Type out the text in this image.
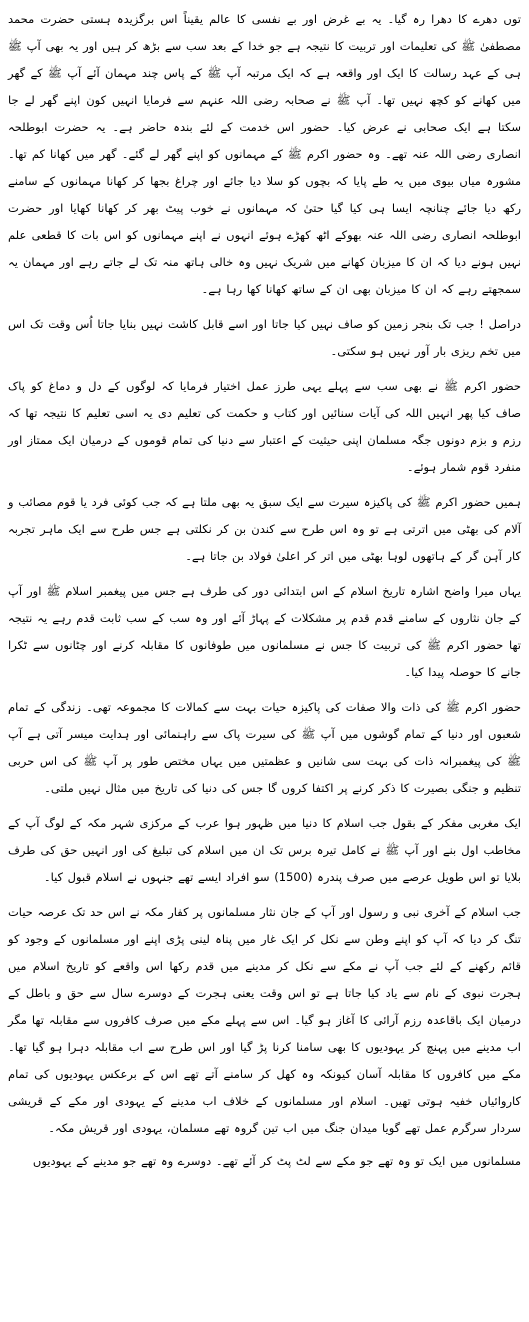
توں دھرے کا دھرا رہ گیا۔ یہ بے غرض اور بے نفسی کا عالم یقیناً اس برگزیدہ ہستی حضرت محمد مصطفیٰ ﷺ کی تعلیمات اور تربیت کا نتیجہ ہے جو خدا کے بعد سب سے بڑھ کر ہیں اور یہ بھی آپ ﷺ ہی کے عہد رسالت کا ایک اور واقعہ ہے کہ ایک مرتبہ آپ ﷺ کے پاس چند مہمان آئے آپ ﷺ کے گھر میں کھانے کو کچھ نہیں تھا۔ آپ ﷺ نے صحابہ رضی اللہ عنہم سے فرمایا انہیں کون اپنے گھر لے جا سکتا ہے ایک صحابی نے عرض کیا۔ حضور اس خدمت کے لئے بندہ حاضر ہے۔ یہ حضرت ابوطلحہ انصاری رضی اللہ عنہ تھے۔ وہ حضور اکرم ﷺ کے مہمانوں کو اپنے گھر لے گئے۔ گھر میں کھانا کم تھا۔ مشورہ میاں بیوی میں یہ طے پایا کہ بچوں کو سلا دیا جائے اور چراغ بجھا کر کھانا مہمانوں کے سامنے رکھ دیا جائے چنانچہ ایسا ہی کیا گیا حتیٰ کہ مہمانوں نے خوب پیٹ بھر کر کھانا کھایا اور حضرت ابوطلحہ انصاری رضی اللہ عنہ بھوکے اٹھ کھڑے ہوئے انہوں نے اپنے مہمانوں کو اس بات کا قطعی علم نہیں ہونے دیا کہ ان کا میزبان کھانے میں شریک نہیں وہ خالی ہاتھ منہ تک لے جاتے رہے اور مہمان یہ سمجھتے رہے کہ ان کا میزبان بھی ان کے ساتھ کھانا کھا رہا ہے۔

دراصل ! جب تک بنجر زمین کو صاف نہیں کیا جاتا اور اسے قابل کاشت نہیں بنایا جاتا اُس وقت تک اس میں تخم ریزی بار آور نہیں ہو سکتی۔

حضور اکرم ﷺ نے بھی سب سے پہلے یہی طرز عمل اختیار فرمایا کہ لوگوں کے دل و دماغ کو پاک صاف کیا پھر انہیں اللہ کی آیات سنائیں اور کتاب و حکمت کی تعلیم دی یہ اسی تعلیم کا نتیجہ تھا کہ رزم و بزم دونوں جگہ مسلمان اپنی حیثیت کے اعتبار سے دنیا کی تمام قوموں کے درمیان ایک ممتاز اور منفرد قوم شمار ہوئے۔

ہمیں حضور اکرم ﷺ کی پاکیزہ سیرت سے ایک سبق یہ بھی ملتا ہے کہ جب کوئی فرد یا قوم مصائب و آلام کی بھٹی میں اترتی ہے تو وہ اس طرح سے کندن بن کر نکلتی ہے جس طرح سے ایک ماہر تجربہ کار آہن گر کے ہاتھوں لوہا بھٹی میں اتر کر اعلیٰ فولاد بن جاتا ہے۔

یہاں میرا واضح اشارہ تاریخ اسلام کے اس ابتدائی دور کی طرف ہے جس میں پیغمبر اسلام ﷺ اور آپ کے جان نثاروں کے سامنے قدم قدم پر مشکلات کے پہاڑ آئے اور وہ سب کے سب ثابت قدم رہے یہ نتیجہ تھا حضور اکرم ﷺ کی تربیت کا جس نے مسلمانوں میں طوفانوں کا مقابلہ کرنے اور چٹانوں سے ٹکرا جانے کا حوصلہ پیدا کیا۔

حضور اکرم ﷺ کی ذات والا صفات کی پاکیزہ حیات بہت سے کمالات کا مجموعہ تھی۔ زندگی کے تمام شعبوں اور دنیا کے تمام گوشوں میں آپ ﷺ کی سیرت پاک سے راہنمائی اور ہدایت میسر آتی ہے آپ ﷺ کی پیغمبرانہ ذات کی بہت سی شانیں و عظمتیں میں یہاں مختص طور پر آپ ﷺ کی اس حربی تنظیم و جنگی بصیرت کا ذکر کرنے پر اکتفا کروں گا جس کی دنیا کی تاریخ میں مثال نہیں ملتی۔

ایک مغربی مفکر کے بقول جب اسلام کا دنیا میں ظہور ہوا عرب کے مرکزی شہر مکہ کے لوگ آپ کے مخاطب اول بنے اور آپ ﷺ نے کامل تیرہ برس تک ان میں اسلام کی تبلیغ کی اور انہیں حق کی طرف بلایا تو اس طویل عرصے میں صرف پندرہ (1500) سو افراد ایسے تھے جنہوں نے اسلام قبول کیا۔

جب اسلام کے آخری نبی و رسول اور آپ کے جان نثار مسلمانوں پر کفار مکہ نے اس حد تک عرصہ حیات تنگ کر دیا کہ آپ کو اپنے وطن سے نکل کر ایک غار میں پناہ لینی پڑی اپنے اور مسلمانوں کے وجود کو قائم رکھنے کے لئے جب آپ نے مکے سے نکل کر مدینے میں قدم رکھا اس واقعے کو تاریخ اسلام میں ہجرت نبوی کے نام سے یاد کیا جاتا ہے تو اس وقت یعنی ہجرت کے دوسرے سال سے حق و باطل کے درمیان ایک باقاعدہ رزم آرائی کا آغاز ہو گیا۔ اس سے پہلے مکے میں صرف کافروں سے مقابلہ تھا مگر اب مدینے میں پہنچ کر یہودیوں کا بھی سامنا کرنا پڑ گیا اور اس طرح سے اب مقابلہ دہرا ہو گیا تھا۔ مکے میں کافروں کا مقابلہ آسان کیونکہ وہ کھل کر سامنے آتے تھے اس کے برعکس یہودیوں کی تمام کاروائیاں خفیہ ہوتی تھیں۔ اسلام اور مسلمانوں کے خلاف اب مدینے کے یہودی اور مکے کے قریشی سردار سرگرم عمل تھے گویا میدان جنگ میں اب تین گروہ تھے مسلمان، یہودی اور قریش مکہ۔

مسلمانوں میں ایک تو وہ تھے جو مکے سے لٹ پٹ کر آئے تھے۔ دوسرے وہ تھے جو مدینے کے یہودیوں
